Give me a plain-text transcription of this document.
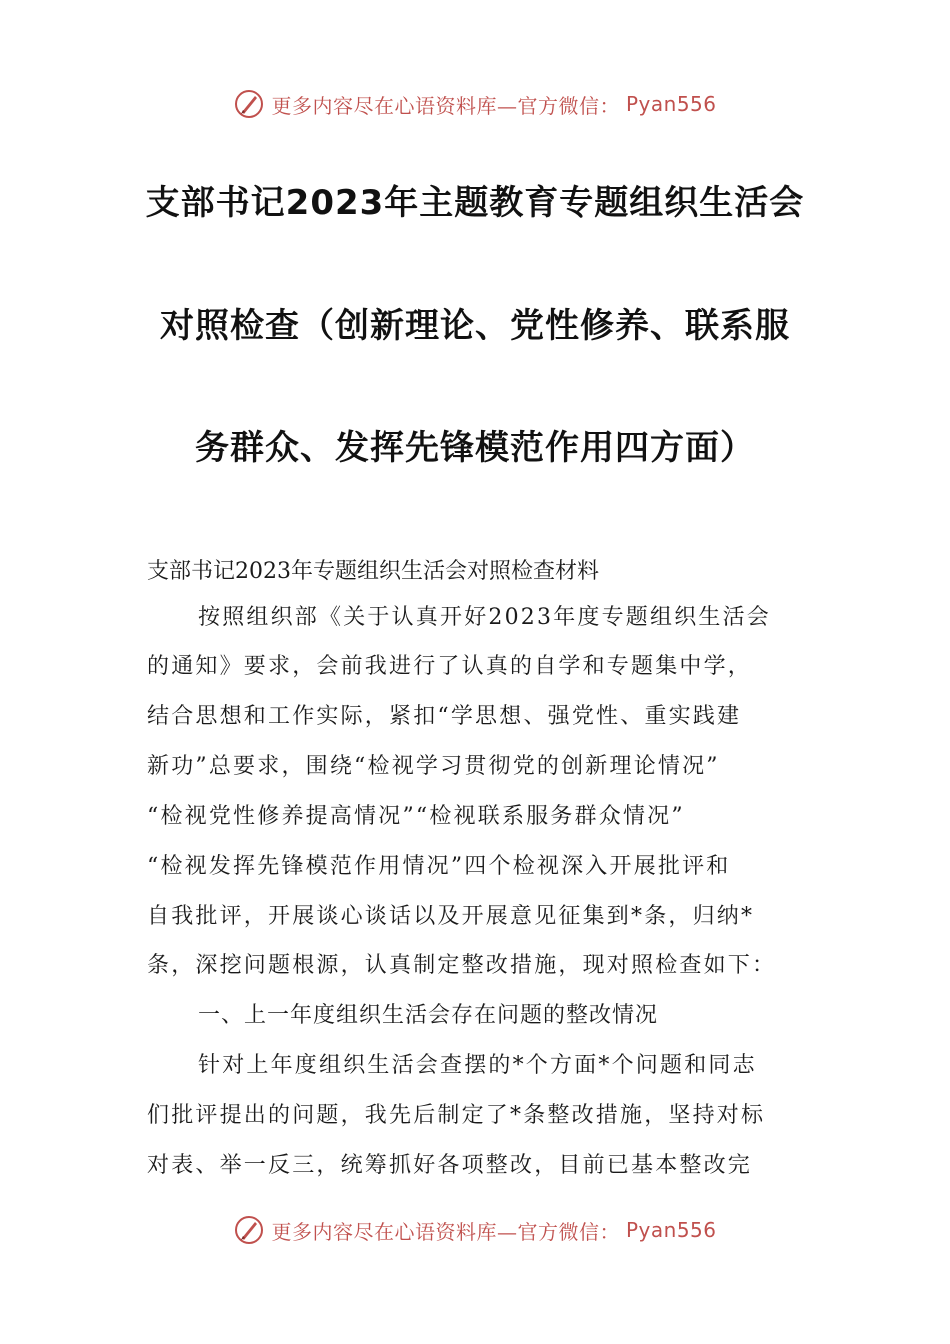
更多内容尽在心语资料库—官方微信： Pyan556
支部书记2023年主题教育专题组织生活会
对照检查（创新理论、党性修养、联系服
务群众、发挥先锋模范作用四方面）
支部书记2023年专题组织生活会对照检查材料
按照组织部《关于认真开好2023年度专题组织生活会
的通知》要求，会前我进行了认真的自学和专题集中学，
结合思想和工作实际，紧扣“学思想、强党性、重实践建
新功”总要求，围绕“检视学习贯彻党的创新理论情况”
“检视党性修养提高情况”“检视联系服务群众情况”
“检视发挥先锋模范作用情况”四个检视深入开展批评和
自我批评，开展谈心谈话以及开展意见征集到*条，归纳*
条，深挖问题根源，认真制定整改措施，现对照检查如下：
一、上一年度组织生活会存在问题的整改情况
针对上年度组织生活会查摆的*个方面*个问题和同志
们批评提出的问题，我先后制定了*条整改措施，坚持对标
对表、举一反三，统筹抓好各项整改，目前已基本整改完
更多内容尽在心语资料库—官方微信： Pyan556
